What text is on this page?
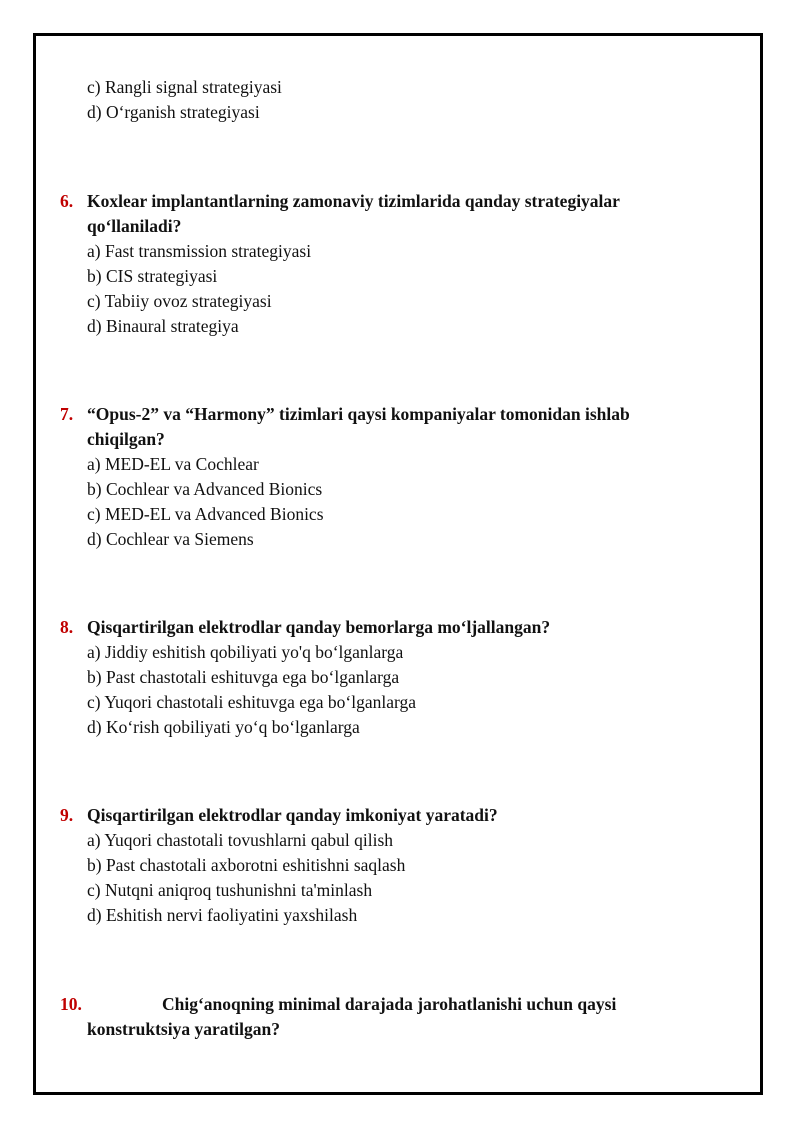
c) Rangli signal strategiyasi
d) O‘rganish strategiyasi
6. Koxlear implantantlarning zamonaviy tizimlarida qanday strategiyalar
qo‘llaniladi?
a) Fast transmission strategiyasi
b) CIS strategiyasi
c) Tabiiy ovoz strategiyasi
d) Binaural strategiya
7. “Opus-2” va “Harmony” tizimlari qaysi kompaniyalar tomonidan ishlab
chiqilgan?
a) MED-EL va Cochlear
b) Cochlear va Advanced Bionics
c) MED-EL va Advanced Bionics
d) Cochlear va Siemens
8. Qisqartirilgan elektrodlar qanday bemorlarga mo‘ljallangan?
a) Jiddiy eshitish qobiliyati yo'q bo‘lganlarga
b) Past chastotali eshituvga ega bo‘lganlarga
c) Yuqori chastotali eshituvga ega bo‘lganlarga
d) Ko‘rish qobiliyati yo‘q bo‘lganlarga
9. Qisqartirilgan elektrodlar qanday imkoniyat yaratadi?
a) Yuqori chastotali tovushlarni qabul qilish
b) Past chastotali axborotni eshitishni saqlash
c) Nutqni aniqroq tushunishni ta'minlash
d) Eshitish nervi faoliyatini yaxshilash
10.	Chig‘anoqning minimal darajada jarohatlanishi uchun qaysi
konstruktsiya yaratilgan?
